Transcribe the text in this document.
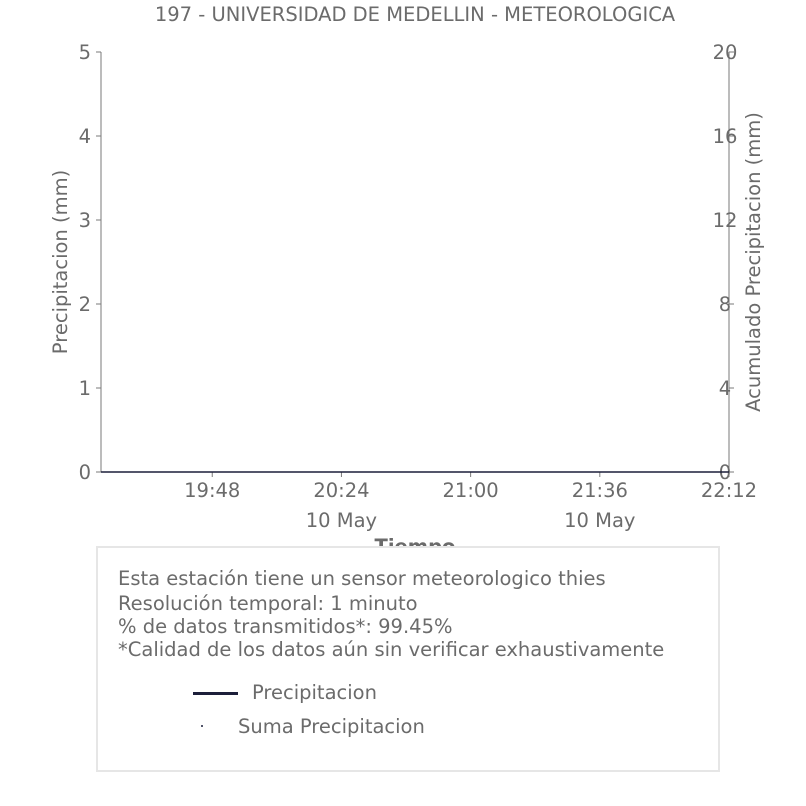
197 - UNIVERSIDAD DE MEDELLIN - METEOROLOGICA
0
1
2
3
4
5
0
4
8
12
16
20
19:48	20:24
10 May
21:00	21:36
10 May
22:12
Precipitacion (mm)	Acumulado Precipitacion (mm)
Esta estación tiene un sensor meteorologico thies
Resolución temporal: 1 minuto
% de datos transmitidos*: 99.45%
*Calidad de los datos aún sin verificar exhaustivamente
Precipitacion
Suma Precipitacion
